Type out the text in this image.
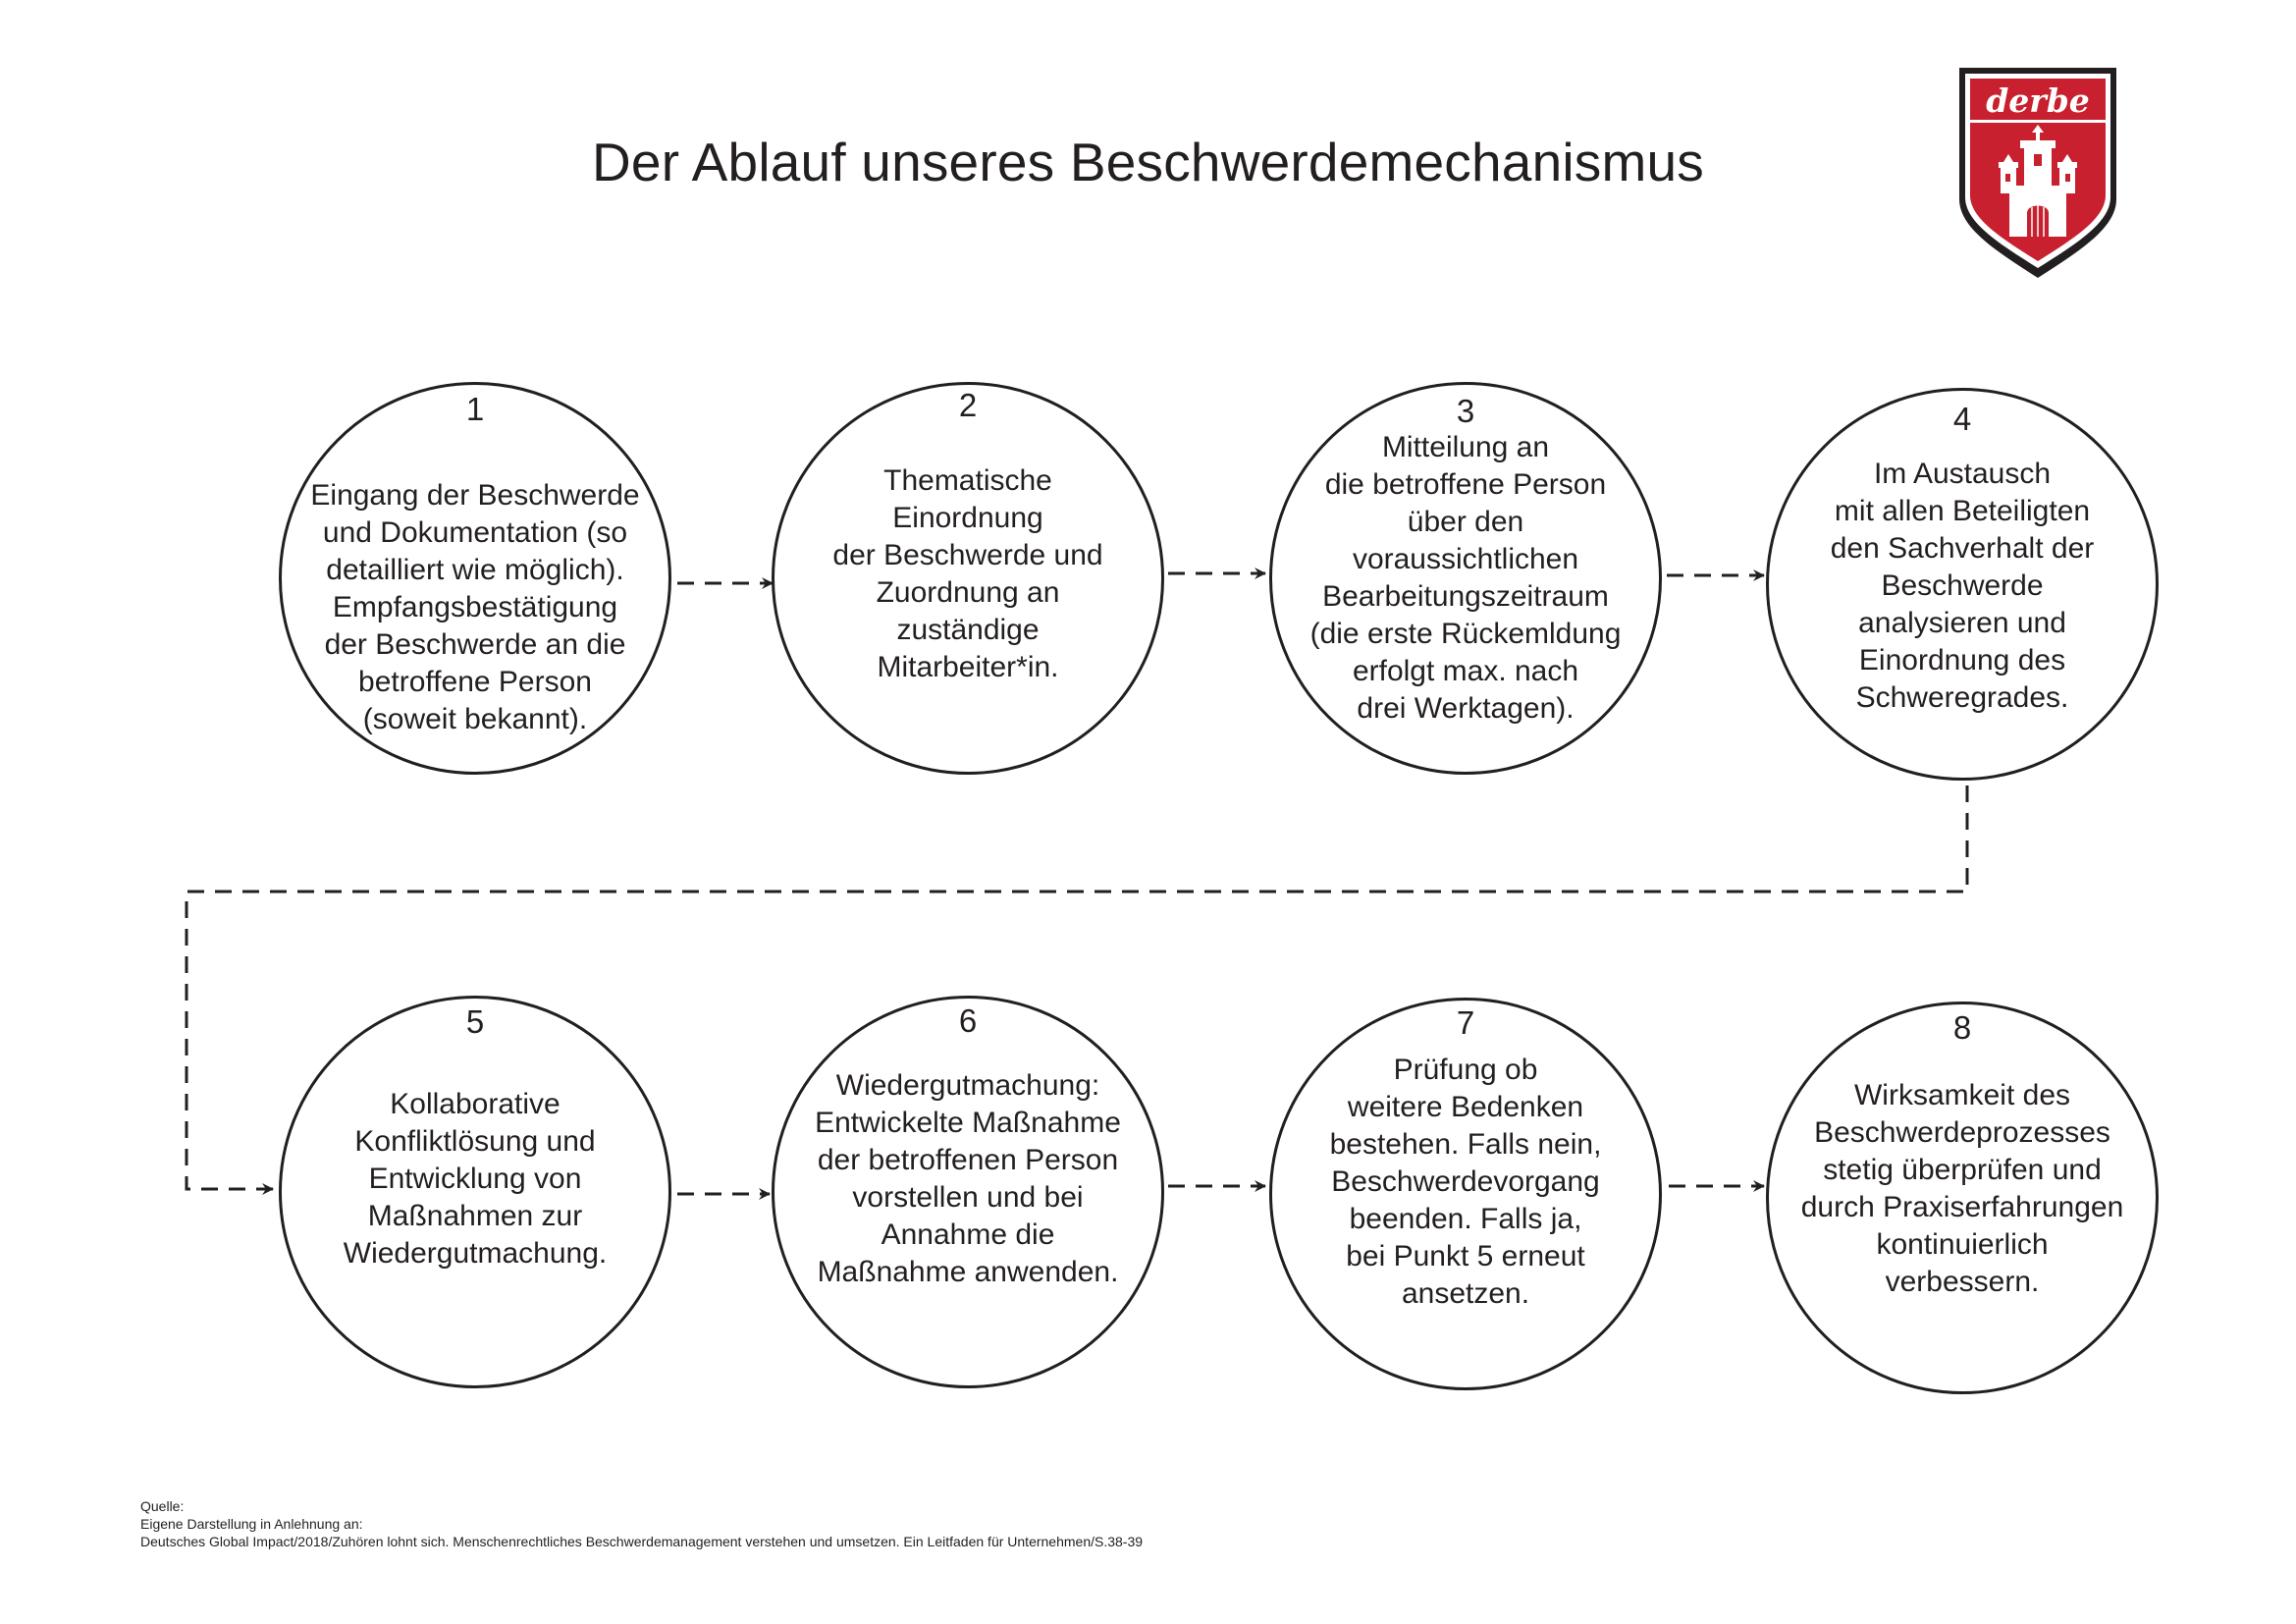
Der Ablauf unseres Beschwerdemechanismus
derbe
1
Eingang der Beschwerde
und Dokumentation (so
detailliert wie möglich).
Empfangsbestätigung
der Beschwerde an die
betroffene Person
(soweit bekannt).
2
Thematische
Einordnung
der Beschwerde und
Zuordnung an
zuständige
Mitarbeiter*in.
3
Mitteilung an
die betroffene Person
über den
voraussichtlichen
Bearbeitungszeitraum
(die erste Rückemldung
erfolgt max. nach
drei Werktagen).
4
Im Austausch
mit allen Beteiligten
den Sachverhalt der
Beschwerde
analysieren und
Einordnung des
Schweregrades.
5
Kollaborative
Konfliktlösung und
Entwicklung von
Maßnahmen zur
Wiedergutmachung.
6
Wiedergutmachung:
Entwickelte Maßnahme
der betroffenen Person
vorstellen und bei
Annahme die
Maßnahme anwenden.
7
Prüfung ob
weitere Bedenken
bestehen. Falls nein,
Beschwerdevorgang
beenden. Falls ja,
bei Punkt 5 erneut
ansetzen.
8
Wirksamkeit des
Beschwerdeprozesses
stetig überprüfen und
durch Praxiserfahrungen
kontinuierlich
verbessern.
Quelle:
Eigene Darstellung in Anlehnung an:
Deutsches Global Impact/2018/Zuhören lohnt sich. Menschenrechtliches Beschwerdemanagement verstehen und umsetzen. Ein Leitfaden für Unternehmen/S.38-39
